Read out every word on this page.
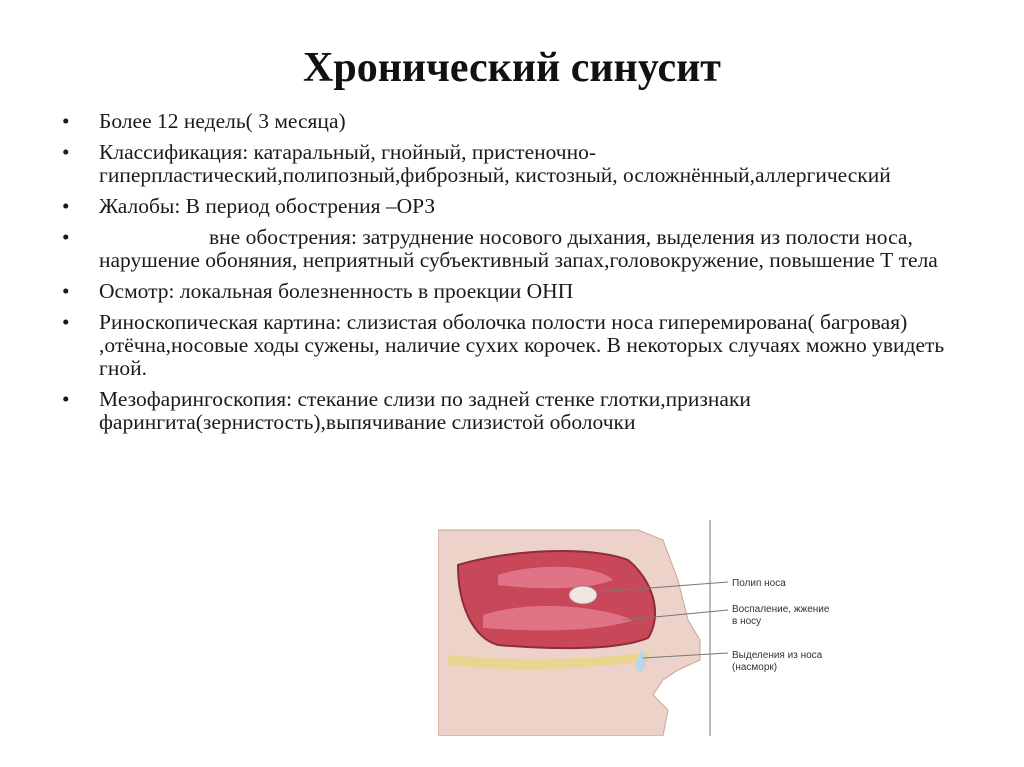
Хронический синусит
• Более 12 недель( 3 месяца)
• Классификация: катаральный, гнойный, пристеночно-гиперпластический,полипозный,фиброзный, кистозный, осложнённый,аллергический
• Жалобы: В период обострения –ОРЗ
•	вне обострения: затруднение носового дыхания, выделения из полости носа, нарушение обоняния, неприятный субъективный запах,головокружение, повышение Т тела
• Осмотр: локальная болезненность в проекции ОНП
• Риноскопическая картина: слизистая оболочка полости носа гиперемирована( багровая) ,отёчна,носовые ходы сужены, наличие сухих корочек. В некоторых случаях можно увидеть гной.
• Мезофарингоскопия: стекание слизи по задней стенке глотки,признаки фарингита(зернистость),выпячивание слизистой оболочки
Полип носа
Воспаление, жжение
в носу
Выделения из носа
(насморк)
